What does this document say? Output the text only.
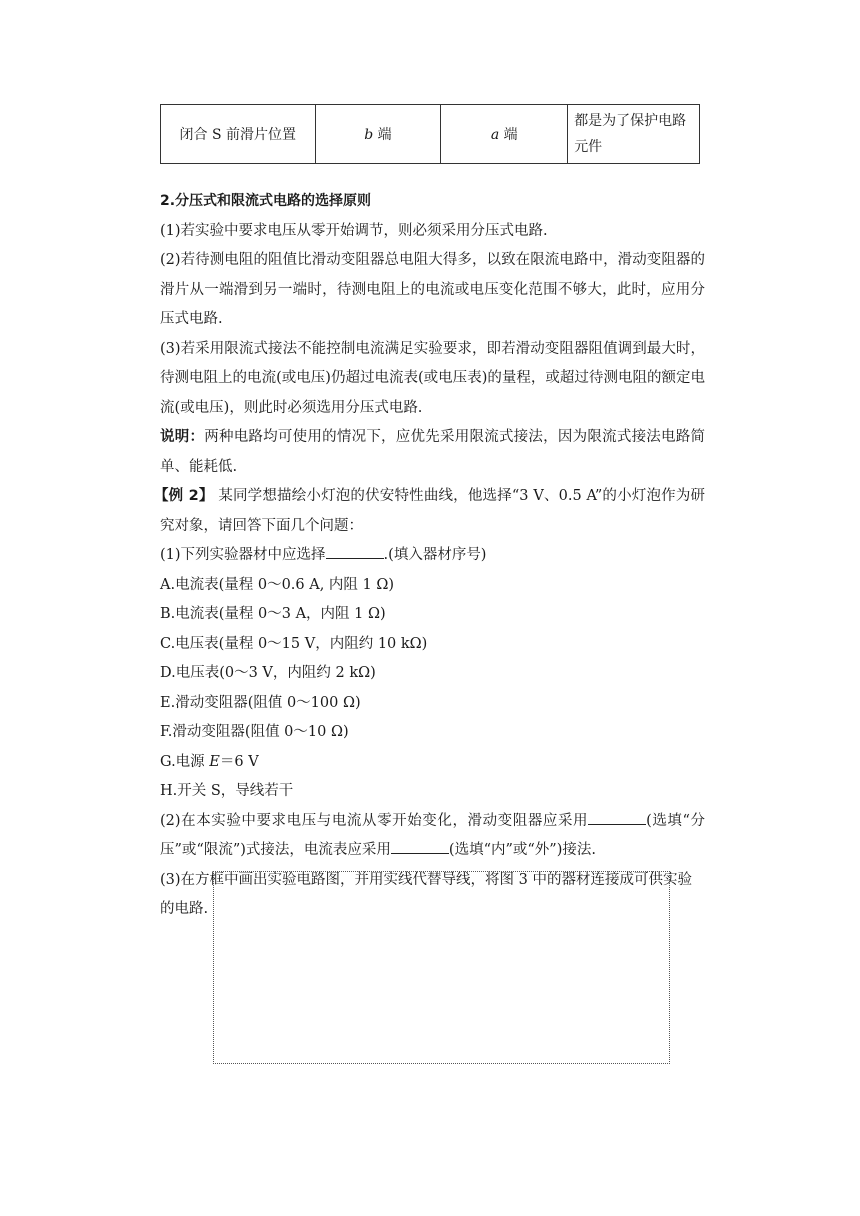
闭合 S 前滑片位置	b 端	a 端	都是为了保护电路元件

2.分压式和限流式电路的选择原则

(1)若实验中要求电压从零开始调节，则必须采用分压式电路.

(2)若待测电阻的阻值比滑动变阻器总电阻大得多，以致在限流电路中，滑动变阻器的滑片从一端滑到另一端时，待测电阻上的电流或电压变化范围不够大，此时，应用分压式电路.

(3)若采用限流式接法不能控制电流满足实验要求，即若滑动变阻器阻值调到最大时，待测电阻上的电流(或电压)仍超过电流表(或电压表)的量程，或超过待测电阻的额定电流(或电压)，则此时必须选用分压式电路.

说明：两种电路均可使用的情况下，应优先采用限流式接法，因为限流式接法电路简单、能耗低.

【例 2】 某同学想描绘小灯泡的伏安特性曲线，他选择“3 V、0.5 A”的小灯泡作为研究对象，请回答下面几个问题：

(1)下列实验器材中应选择	.(填入器材序号)

A.电流表(量程 0～0.6 A, 内阻 1 Ω)

B.电流表(量程 0～3 A，内阻 1 Ω)

C.电压表(量程 0～15 V，内阻约 10 kΩ)

D.电压表(0～3 V，内阻约 2 kΩ)

E.滑动变阻器(阻值 0～100 Ω)

F.滑动变阻器(阻值 0～10 Ω)

G.电源 E＝6 V

H.开关 S，导线若干

(2)在本实验中要求电压与电流从零开始变化，滑动变阻器应采用	(选填“分压”或“限流”)式接法，电流表应采用	(选填“内”或“外”)接法.

(3)在方框中画出实验电路图，并用实线代替导线，将图 3 中的器材连接成可供实验的电路.
